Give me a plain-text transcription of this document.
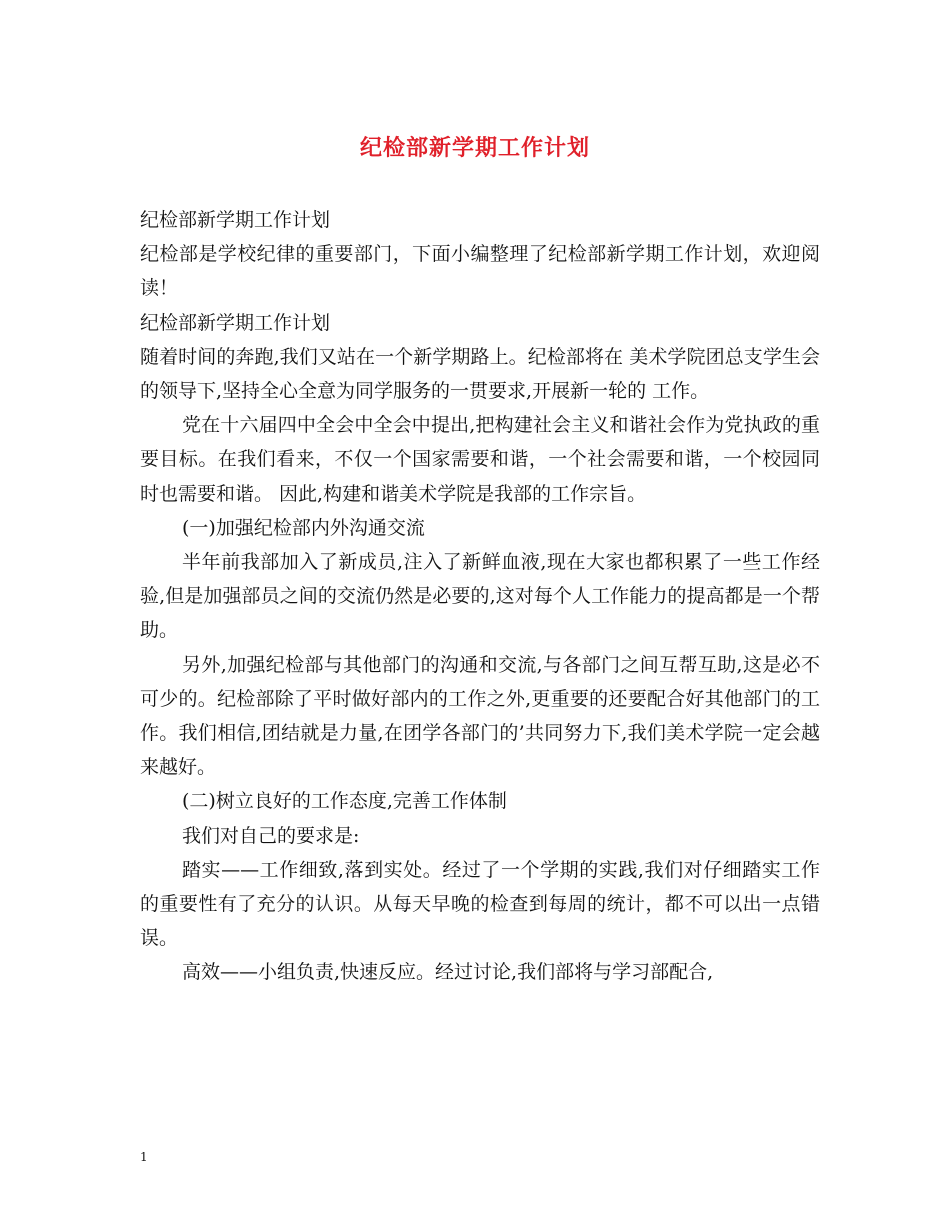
纪检部新学期工作计划

纪检部新学期工作计划

纪检部是学校纪律的重要部门，下面小编整理了纪检部新学期工作计划，欢迎阅读！

纪检部新学期工作计划

随着时间的奔跑,我们又站在一个新学期路上。纪检部将在 美术学院团总支学生会的领导下,坚持全心全意为同学服务的一贯要求,开展新一轮的 工作。

党在十六届四中全会中全会中提出,把构建社会主义和谐社会作为党执政的重要目标。在我们看来，不仅一个国家需要和谐，一个社会需要和谐，一个校园同时也需要和谐。 因此,构建和谐美术学院是我部的工作宗旨。

(一)加强纪检部内外沟通交流

半年前我部加入了新成员,注入了新鲜血液,现在大家也都积累了一些工作经验,但是加强部员之间的交流仍然是必要的,这对每个人工作能力的提高都是一个帮助。

另外,加强纪检部与其他部门的沟通和交流,与各部门之间互帮互助,这是必不可少的。纪检部除了平时做好部内的工作之外,更重要的还要配合好其他部门的工作。我们相信,团结就是力量,在团学各部门的’共同努力下,我们美术学院一定会越来越好。

(二)树立良好的工作态度,完善工作体制

我们对自己的要求是:

踏实——工作细致,落到实处。经过了一个学期的实践,我们对仔细踏实工作的重要性有了充分的认识。从每天早晚的检查到每周的统计，都不可以出一点错误。

高效——小组负责,快速反应。经过讨论,我们部将与学习部配合,

1
